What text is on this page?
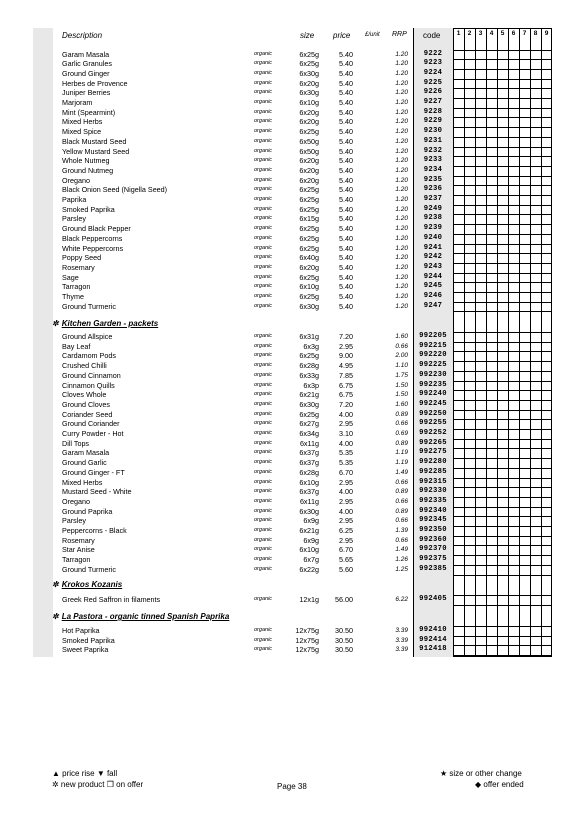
Description	size price £/unit RRP code	1	2	3	4	5	6	7	8	9
Garam Masala	organic	6x25g	5.40	1.20	9222
Garlic Granules	organic	6x25g	5.40	1.20	9223
Ground Ginger	organic	6x30g	5.40	1.20	9224
Herbes de Provence	organic	6x20g	5.40	1.20	9225
Juniper Berries	organic	6x30g	5.40	1.20	9226
Marjoram	organic	6x10g	5.40	1.20	9227
Mint (Spearmint)	organic	6x20g	5.40	1.20	9228
Mixed Herbs	organic	6x20g	5.40	1.20	9229
Mixed Spice	organic	6x25g	5.40	1.20	9230
Black Mustard Seed	organic	6x50g	5.40	1.20	9231
Yellow Mustard Seed	organic	6x50g	5.40	1.20	9232
Whole Nutmeg	organic	6x20g	5.40	1.20	9233
Ground Nutmeg	organic	6x20g	5.40	1.20	9234
Oregano	organic	6x20g	5.40	1.20	9235
Black Onion Seed (Nigella Seed)	organic	6x25g	5.40	1.20	9236
Paprika	organic	6x25g	5.40	1.20	9237
Smoked Paprika	organic	6x25g	5.40	1.20	9249
Parsley	organic	6x15g	5.40	1.20	9238
Ground Black Pepper	organic	6x25g	5.40	1.20	9239
Black Peppercorns	organic	6x25g	5.40	1.20	9240
White Peppercorns	organic	6x25g	5.40	1.20	9241
Poppy Seed	organic	6x40g	5.40	1.20	9242
Rosemary	organic	6x20g	5.40	1.20	9243
Sage	organic	6x25g	5.40	1.20	9244
Tarragon	organic	6x10g	5.40	1.20	9245
Thyme	organic	6x25g	5.40	1.20	9246
Ground Turmeric	organic	6x30g	5.40	1.20	9247
✲ Kitchen Garden - packets
Ground Allspice	organic	6x31g	7.20	1.60	992205
Bay Leaf	organic	6x3g	2.95	0.66	992215
Cardamom Pods	organic	6x25g	9.00	2.00	992220
Crushed Chilli	organic	6x28g	4.95	1.10	992225
Ground Cinnamon	organic	6x33g	7.85	1.75	992230
Cinnamon Quills	organic	6x3p	6.75	1.50	992235
Cloves Whole	organic	6x21g	6.75	1.50	992240
Ground Cloves	organic	6x30g	7.20	1.60	992245
Coriander Seed	organic	6x25g	4.00	0.89	992250
Ground Coriander	organic	6x27g	2.95	0.66	992255
Curry Powder - Hot	organic	6x34g	3.10	0.69	992252
Dill Tops	organic	6x11g	4.00	0.89	992265
Garam Masala	organic	6x37g	5.35	1.19	992275
Ground Garlic	organic	6x37g	5.35	1.19	992280
Ground Ginger - FT	organic	6x28g	6.70	1.49	992285
Mixed Herbs	organic	6x10g	2.95	0.66	992315
Mustard Seed - White	organic	6x37g	4.00	0.89	992330
Oregano	organic	6x11g	2.95	0.66	992335
Ground Paprika	organic	6x30g	4.00	0.89	992340
Parsley	organic	6x9g	2.95	0.66	992345
Peppercorns - Black	organic	6x21g	6.25	1.39	992350
Rosemary	organic	6x9g	2.95	0.66	992360
Star Anise	organic	6x10g	6.70	1.49	992370
Tarragon	organic	6x7g	5.65	1.26	992375
Ground Turmeric	organic	6x22g	5.60	1.25	992385
✲ Krokos Kozanis
Greek Red Saffron in filaments	organic	12x1g	56.00	6.22	992405
✲ La Pastora - organic tinned Spanish Paprika
Hot Paprika	organic	12x75g	30.50	3.39	992410
Smoked Paprika	organic	12x75g	30.50	3.39	992414
Sweet Paprika	organic	12x75g	30.50	3.39	912418
▲ price rise ▼ fall
✲ new product ❒ on offer	Page 38
★ size or other change
◆ offer ended
